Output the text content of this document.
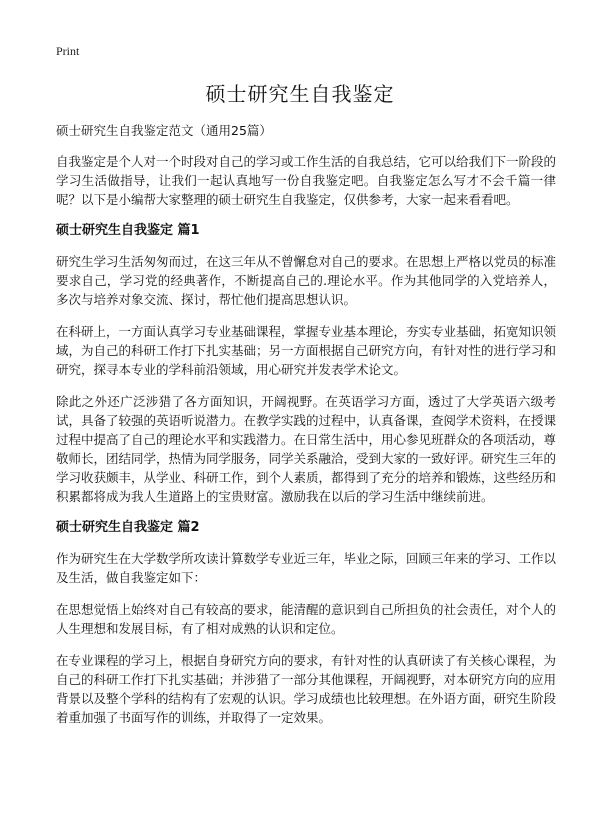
Print
硕士研究生自我鉴定
硕士研究生自我鉴定范文（通用25篇）

自我鉴定是个人对一个时段对自己的学习或工作生活的自我总结，它可以给我们下一阶段的学习生活做指导，让我们一起认真地写一份自我鉴定吧。自我鉴定怎么写才不会千篇一律呢？以下是小编帮大家整理的硕士研究生自我鉴定，仅供参考，大家一起来看看吧。

硕士研究生自我鉴定 篇1

研究生学习生活匆匆而过，在这三年从不曾懈怠对自己的要求。在思想上严格以党员的标准要求自己，学习党的经典著作，不断提高自己的.理论水平。作为其他同学的入党培养人，多次与培养对象交流、探讨，帮忙他们提高思想认识。

在科研上，一方面认真学习专业基础课程，掌握专业基本理论，夯实专业基础，拓宽知识领域，为自己的科研工作打下扎实基础；另一方面根据自己研究方向，有针对性的进行学习和研究，探寻本专业的学科前沿领域，用心研究并发表学术论文。

除此之外还广泛涉猎了各方面知识，开阔视野。在英语学习方面，透过了大学英语六级考试，具备了较强的英语听说潜力。在教学实践的过程中，认真备课，查阅学术资料，在授课过程中提高了自己的理论水平和实践潜力。在日常生活中，用心参见班群众的各项活动，尊敬师长，团结同学，热情为同学服务，同学关系融洽，受到大家的一致好评。研究生三年的学习收获颇丰，从学业、科研工作，到个人素质，都得到了充分的培养和锻炼，这些经历和积累都将成为我人生道路上的宝贵财富。激励我在以后的学习生活中继续前进。

硕士研究生自我鉴定 篇2

作为研究生在大学数学所攻读计算数学专业近三年，毕业之际，回顾三年来的学习、工作以及生活，做自我鉴定如下：

在思想觉悟上始终对自己有较高的要求，能清醒的意识到自己所担负的社会责任，对个人的人生理想和发展目标，有了相对成熟的认识和定位。

在专业课程的学习上，根据自身研究方向的要求，有针对性的认真研读了有关核心课程，为自己的科研工作打下扎实基础；并涉猎了一部分其他课程，开阔视野，对本研究方向的应用背景以及整个学科的结构有了宏观的认识。学习成绩也比较理想。在外语方面，研究生阶段着重加强了书面写作的训练，并取得了一定效果。
